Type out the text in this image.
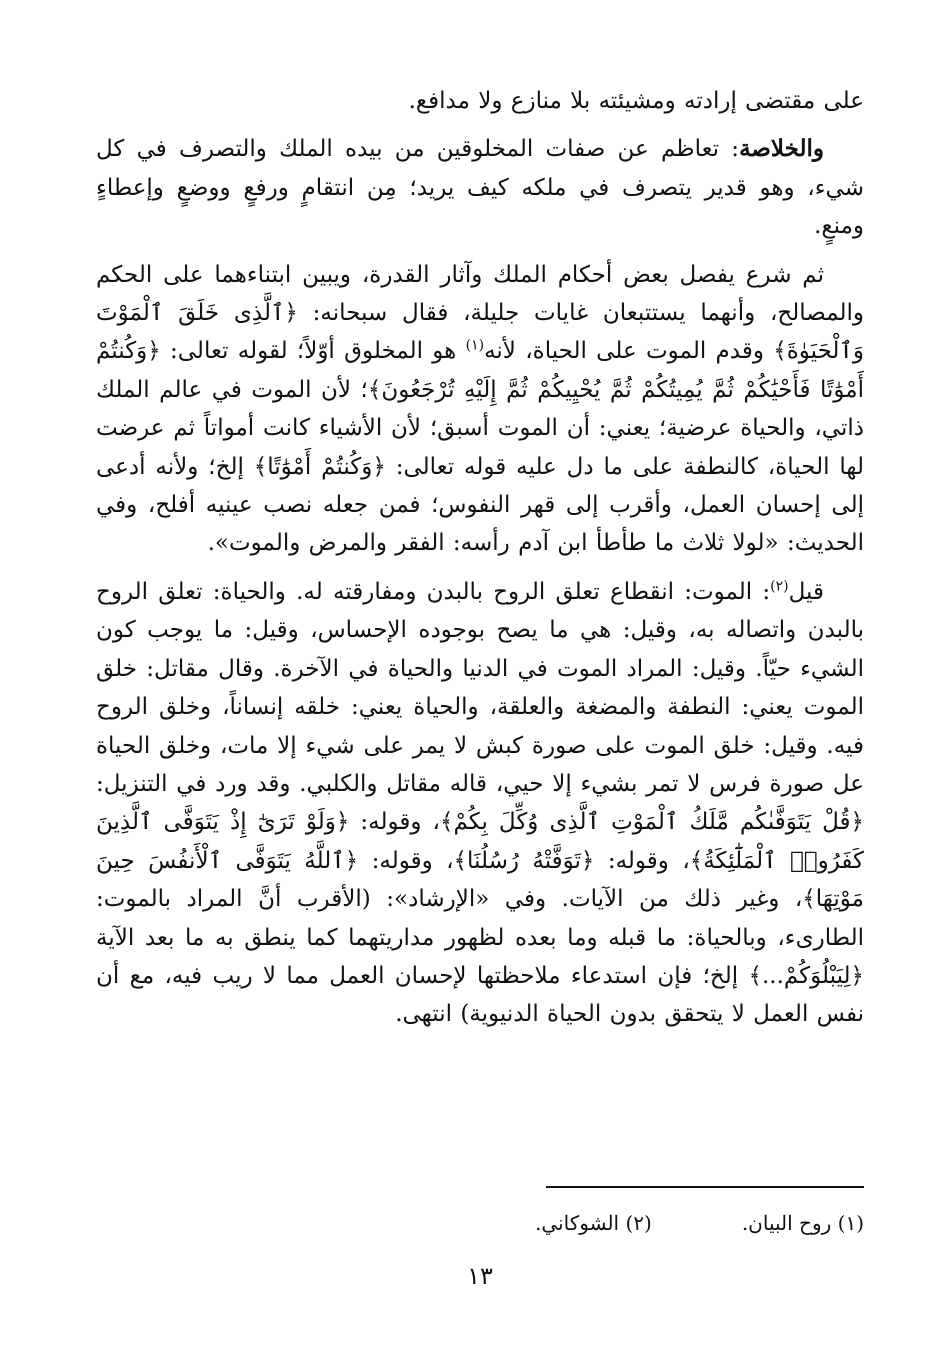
على مقتضى إرادته ومشيئته بلا منازع ولا مدافع.

والخلاصة: تعاظم عن صفات المخلوقين من بيده الملك والتصرف في كل شيء، وهو قدير يتصرف في ملكه كيف يريد؛ مِن انتقامٍ ورفعٍ ووضعٍ وإعطاءٍ ومنعٍ.

ثم شرع يفصل بعض أحكام الملك وآثار القدرة، ويبين ابتناءهما على الحكم والمصالح، وأنهما يستتبعان غايات جليلة، فقال سبحانه: ﴿ٱلَّذِى خَلَقَ ٱلْمَوْتَ وَٱلْحَيَوٰةَ﴾ وقدم الموت على الحياة، لأنه$^{(١)}$ هو المخلوق أوّلاً؛ لقوله تعالى: ﴿وَكُنتُمْ أَمْوَٰتًا فَأَحْيَٰكُمْ ثُمَّ يُمِيتُكُمْ ثُمَّ يُحْيِيكُمْ ثُمَّ إِلَيْهِ تُرْجَعُونَ﴾؛ لأن الموت في عالم الملك ذاتي، والحياة عرضية؛ يعني: أن الموت أسبق؛ لأن الأشياء كانت أمواتاً ثم عرضت لها الحياة، كالنطفة على ما دل عليه قوله تعالى: ﴿وَكُنتُمْ أَمْوَٰتًا﴾ إلخ؛ ولأنه أدعى إلى إحسان العمل، وأقرب إلى قهر النفوس؛ فمن جعله نصب عينيه أفلح، وفي الحديث: «لولا ثلاث ما طأطأ ابن آدم رأسه: الفقر والمرض والموت».

قيل$^{(٢)}$: الموت: انقطاع تعلق الروح بالبدن ومفارقته له. والحياة: تعلق الروح بالبدن واتصاله به، وقيل: هي ما يصح بوجوده الإحساس، وقيل: ما يوجب كون الشيء حيّاً. وقيل: المراد الموت في الدنيا والحياة في الآخرة. وقال مقاتل: خلق الموت يعني: النطفة والمضغة والعلقة، والحياة يعني: خلقه إنساناً، وخلق الروح فيه. وقيل: خلق الموت على صورة كبش لا يمر على شيء إلا مات، وخلق الحياة عل صورة فرس لا تمر بشيء إلا حيي، قاله مقاتل والكلبي. وقد ورد في التنزيل: ﴿قُلْ يَتَوَفَّىٰكُم مَّلَكُ ٱلْمَوْتِ ٱلَّذِى وُكِّلَ بِكُمْ﴾، وقوله: ﴿وَلَوْ تَرَىٰٓ إِذْ يَتَوَفَّى ٱلَّذِينَ كَفَرُوا۟ ٱلْمَلَٰٓئِكَةُ﴾، وقوله: ﴿تَوَفَّتْهُ رُسُلُنَا﴾، وقوله: ﴿ٱللَّهُ يَتَوَفَّى ٱلْأَنفُسَ حِينَ مَوْتِهَا﴾، وغير ذلك من الآيات. وفي «الإرشاد»: (الأقرب أنَّ المراد بالموت: الطارىء، وبالحياة: ما قبله وما بعده لظهور مداريتهما كما ينطق به ما بعد الآية ﴿لِيَبْلُوَكُمْ...﴾ إلخ؛ فإن استدعاء ملاحظتها لإحسان العمل مما لا ريب فيه، مع أن نفس العمل لا يتحقق بدون الحياة الدنيوية) انتهى.

(١) روح البيان.
(٢) الشوكاني.
١٣
